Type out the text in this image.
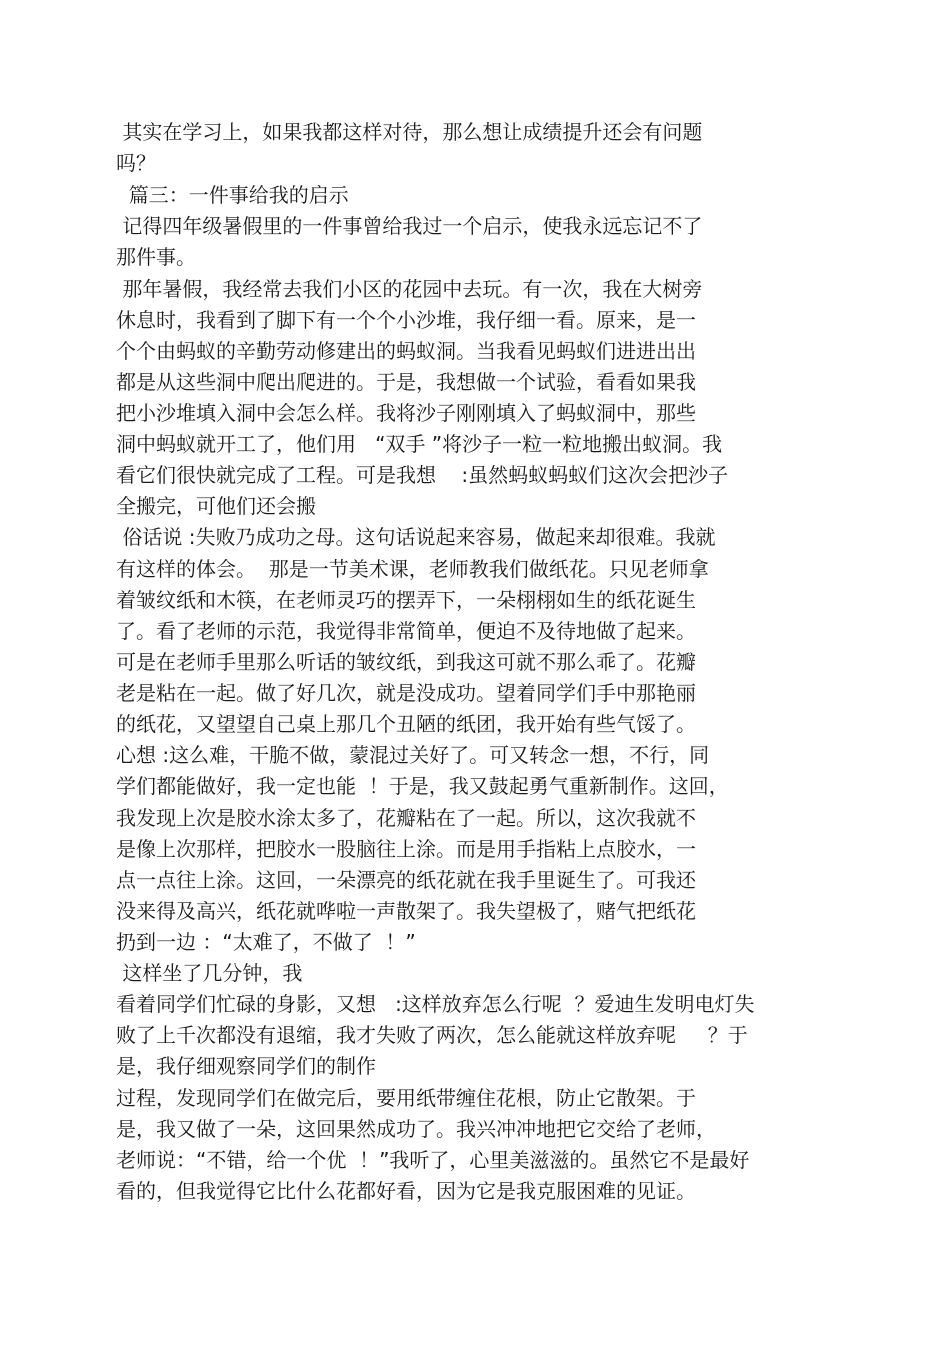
其实在学习上，如果我都这样对待，那么想让成绩提升还会有问题

吗？

篇三：一件事给我的启示

记得四年级暑假里的一件事曾给我过一个启示，使我永远忘记不了

那件事。

那年暑假，我经常去我们小区的花园中去玩。有一次，我在大树旁

休息时，我看到了脚下有一个个小沙堆，我仔细一看。原来，是一

个个由蚂蚁的辛勤劳动修建出的蚂蚁洞。当我看见蚂蚁们进进出出

都是从这些洞中爬出爬进的。于是，我想做一个试验，看看如果我

把小沙堆填入洞中会怎么样。我将沙子刚刚填入了蚂蚁洞中，那些

洞中蚂蚁就开工了，他们用   “双手 ”将沙子一粒一粒地搬出蚁洞。我

看它们很快就完成了工程。可是我想    :虽然蚂蚁蚂蚁们这次会把沙子

全搬完，可他们还会搬

俗话说 :失败乃成功之母。这句话说起来容易，做起来却很难。我就

有这样的体会。  那是一节美术课，老师教我们做纸花。只见老师拿

着皱纹纸和木筷，在老师灵巧的摆弄下，一朵栩栩如生的纸花诞生

了。看了老师的示范，我觉得非常简单，便迫不及待地做了起来。

可是在老师手里那么听话的皱纹纸，到我这可就不那么乖了。花瓣

老是粘在一起。做了好几次，就是没成功。望着同学们手中那艳丽

的纸花，又望望自己桌上那几个丑陋的纸团，我开始有些气馁了。

心想 :这么难，干脆不做，蒙混过关好了。可又转念一想，不行，同

学们都能做好，我一定也能  ！于是，我又鼓起勇气重新制作。这回，

我发现上次是胶水涂太多了，花瓣粘在了一起。所以，这次我就不

是像上次那样，把胶水一股脑往上涂。而是用手指粘上点胶水，一

点一点往上涂。这回，一朵漂亮的纸花就在我手里诞生了。可我还

没来得及高兴，纸花就哗啦一声散架了。我失望极了，赌气把纸花

扔到一边 ：“太难了，不做了  ！”

这样坐了几分钟，我

看着同学们忙碌的身影，又想   :这样放弃怎么行呢  ？爱迪生发明电灯失

败了上千次都没有退缩，我才失败了两次，怎么能就这样放弃呢     ？于

是，我仔细观察同学们的制作

过程，发现同学们在做完后，要用纸带缠住花根，防止它散架。于

是，我又做了一朵，这回果然成功了。我兴冲冲地把它交给了老师，

老师说：“不错，给一个优  ！”我听了，心里美滋滋的。虽然它不是最好

看的，但我觉得它比什么花都好看，因为它是我克服困难的见证。
